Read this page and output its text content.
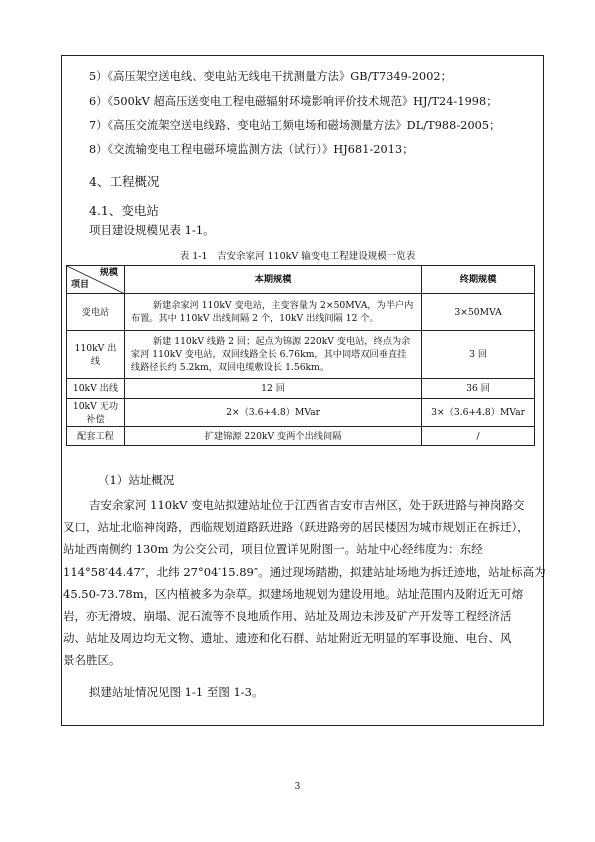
5）《高压架空送电线、变电站无线电干扰测量方法》GB/T7349-2002；
6）《500kV 超高压送变电工程电磁辐射环境影响评价技术规范》HJ/T24-1998；
7）《高压交流架空送电线路、变电站工频电场和磁场测量方法》DL/T988-2005；
8）《交流输变电工程电磁环境监测方法（试行）》HJ681-2013；
4、工程概况
4.1、变电站
项目建设规模见表 1-1。
表 1-1　吉安余家河 110kV 输变电工程建设规模一览表
规模
项目	本期规模	终期规模
变电站	新建余家河 110kV 变电站，主变容量为 2×50MVA，为半户内布置。其中 110kV 出线间隔 2 个，10kV 出线间隔 12 个。	3×50MVA
110kV 出线	新建 110kV 线路 2 回；起点为锦源 220kV 变电站，终点为余家河 110kV 变电站，双回线路全长 6.76km，其中同塔双回垂直挂线路径长约 5.2km，双回电缆敷设长 1.56km。	3 回
10kV 出线	12 回	36 回
10kV 无功补偿	2×（3.6+4.8）MVar	3×（3.6+4.8）MVar
配套工程	扩建锦源 220kV 变两个出线间隔	/
（1）站址概况
吉安余家河 110kV 变电站拟建站址位于江西省吉安市吉州区，处于跃进路与神岗路交
叉口，站址北临神岗路，西临规划道路跃进路（跃进路旁的居民楼因为城市规划正在拆迁），
站址西南侧约 130m 为公交公司，项目位置详见附图一。站址中心经纬度为：东经
114°58′44.47″，北纬 27°04′15.89″。通过现场踏勘，拟建站址场地为拆迁迹地，站址标高为
45.50-73.78m，区内植被多为杂草。拟建场地规划为建设用地。站址范围内及附近无可熔
岩，亦无滑坡、崩塌、泥石流等不良地质作用、站址及周边未涉及矿产开发等工程经济活
动、站址及周边均无文物、遗址、遗迹和化石群、站址附近无明显的军事设施、电台、风
景名胜区。
拟建站址情况见图 1-1 至图 1-3。
3
